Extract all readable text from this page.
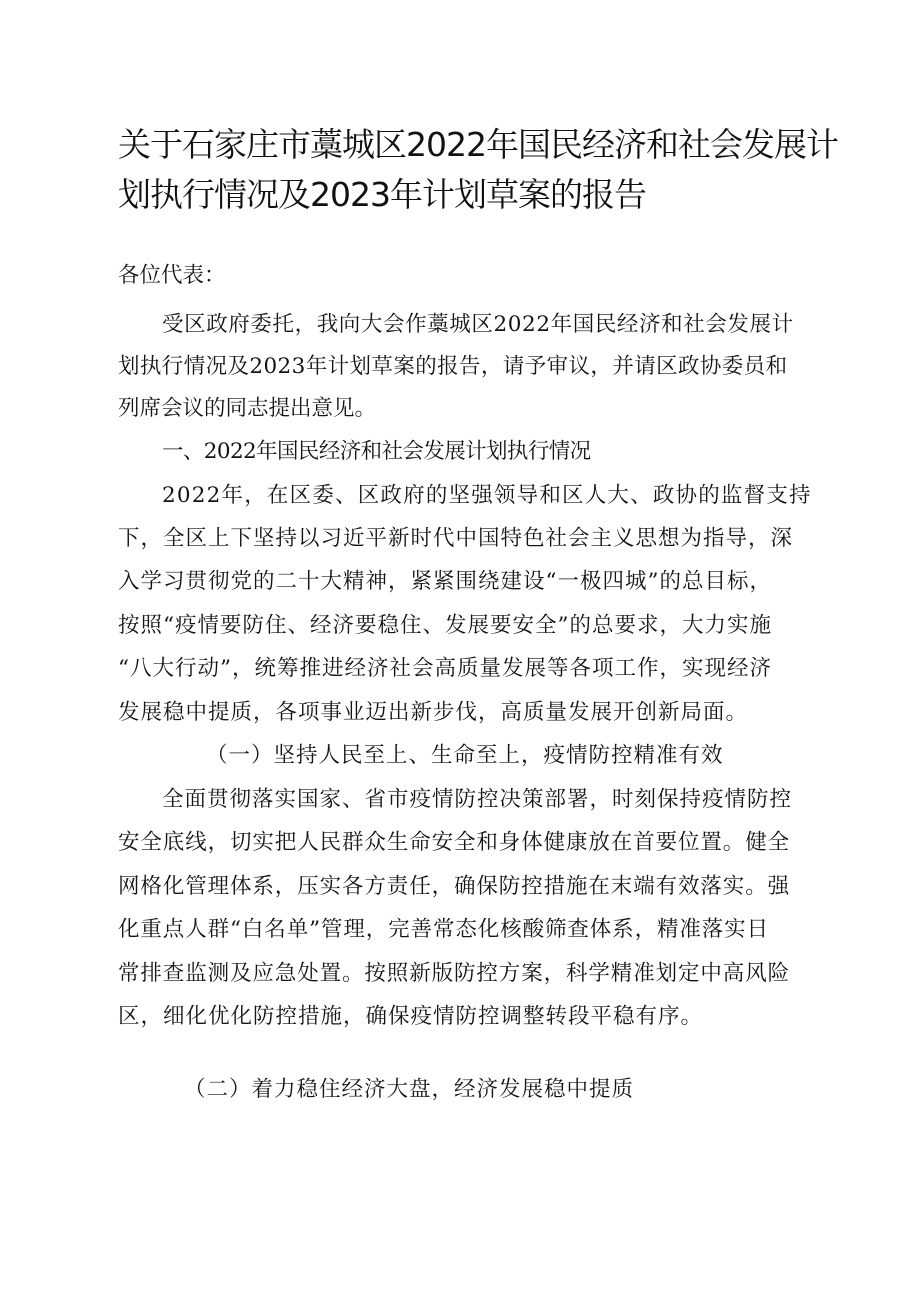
关于石家庄市藁城区2022年国民经济和社会发展计
划执行情况及2023年计划草案的报告
各位代表：
受区政府委托，我向大会作藁城区2022年国民经济和社会发展计
划执行情况及2023年计划草案的报告，请予审议，并请区政协委员和
列席会议的同志提出意见。
一、2022年国民经济和社会发展计划执行情况
2022年，在区委、区政府的坚强领导和区人大、政协的监督支持
下，全区上下坚持以习近平新时代中国特色社会主义思想为指导，深
入学习贯彻党的二十大精神，紧紧围绕建设“一极四城”的总目标，
按照“疫情要防住、经济要稳住、发展要安全”的总要求，大力实施
“八大行动”，统筹推进经济社会高质量发展等各项工作，实现经济
发展稳中提质，各项事业迈出新步伐，高质量发展开创新局面。
（一）坚持人民至上、生命至上，疫情防控精准有效
全面贯彻落实国家、省市疫情防控决策部署，时刻保持疫情防控
安全底线，切实把人民群众生命安全和身体健康放在首要位置。健全
网格化管理体系，压实各方责任，确保防控措施在末端有效落实。强
化重点人群“白名单”管理，完善常态化核酸筛查体系，精准落实日
常排查监测及应急处置。按照新版防控方案，科学精准划定中高风险
区，细化优化防控措施，确保疫情防控调整转段平稳有序。
（二）着力稳住经济大盘，经济发展稳中提质
